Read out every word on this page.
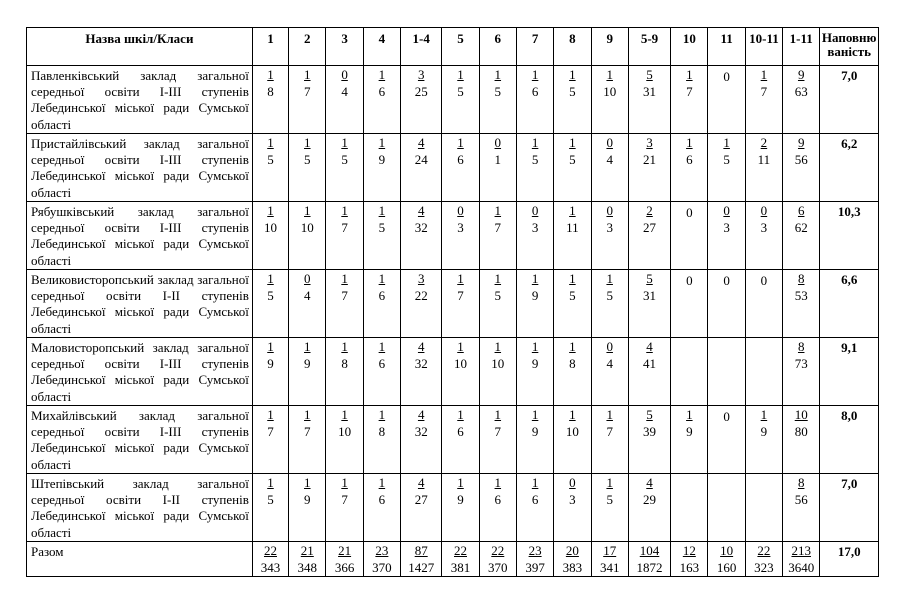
Назва шкіл/Класи	1	2	3	4	1-4	5	6	7	8	9	5-9	10	11	10-11	1-11	Наповню
ваність
Павленківський заклад загальної середньої освіти І-ІІІ ступенів Лебединської міської ради Сумської області	$\frac{1}{8}$	$\frac{1}{7}$	$\frac{0}{4}$	$\frac{1}{6}$	$\frac{3}{25}$	$\frac{1}{5}$	$\frac{1}{5}$	$\frac{1}{6}$	$\frac{1}{5}$	$\frac{1}{10}$	$\frac{5}{31}$	$\frac{1}{7}$	0	$\frac{1}{7}$	$\frac{9}{63}$	7,0
Пристайлівський заклад загальної середньої освіти І-ІІІ ступенів Лебединської міської ради Сумської області	$\frac{1}{5}$	$\frac{1}{5}$	$\frac{1}{5}$	$\frac{1}{9}$	$\frac{4}{24}$	$\frac{1}{6}$	$\frac{0}{1}$	$\frac{1}{5}$	$\frac{1}{5}$	$\frac{0}{4}$	$\frac{3}{21}$	$\frac{1}{6}$	$\frac{1}{5}$	$\frac{2}{11}$	$\frac{9}{56}$	6,2
Рябушківський заклад загальної середньої освіти І-ІІІ ступенів Лебединської міської ради Сумської області	$\frac{1}{10}$	$\frac{1}{10}$	$\frac{1}{7}$	$\frac{1}{5}$	$\frac{4}{32}$	$\frac{0}{3}$	$\frac{1}{7}$	$\frac{0}{3}$	$\frac{1}{11}$	$\frac{0}{3}$	$\frac{2}{27}$	0	$\frac{0}{3}$	$\frac{0}{3}$	$\frac{6}{62}$	10,3
Великовисторопський заклад загальної середньої освіти І-ІІ ступенів Лебединської міської ради Сумської області	$\frac{1}{5}$	$\frac{0}{4}$	$\frac{1}{7}$	$\frac{1}{6}$	$\frac{3}{22}$	$\frac{1}{7}$	$\frac{1}{5}$	$\frac{1}{9}$	$\frac{1}{5}$	$\frac{1}{5}$	$\frac{5}{31}$	0	0	0	$\frac{8}{53}$	6,6
Маловисторопський заклад загальної середньої освіти І-ІІІ ступенів Лебединської міської ради Сумської області	$\frac{1}{9}$	$\frac{1}{9}$	$\frac{1}{8}$	$\frac{1}{6}$	$\frac{4}{32}$	$\frac{1}{10}$	$\frac{1}{10}$	$\frac{1}{9}$	$\frac{1}{8}$	$\frac{0}{4}$	$\frac{4}{41}$				$\frac{8}{73}$	9,1
Михайлівський заклад загальної середньої освіти І-ІІІ ступенів Лебединської міської ради Сумської області	$\frac{1}{7}$	$\frac{1}{7}$	$\frac{1}{10}$	$\frac{1}{8}$	$\frac{4}{32}$	$\frac{1}{6}$	$\frac{1}{7}$	$\frac{1}{9}$	$\frac{1}{10}$	$\frac{1}{7}$	$\frac{5}{39}$	$\frac{1}{9}$	0	$\frac{1}{9}$	$\frac{10}{80}$	8,0
Штепівський заклад загальної середньої освіти І-ІІ ступенів Лебединської міської ради Сумської області	$\frac{1}{5}$	$\frac{1}{9}$	$\frac{1}{7}$	$\frac{1}{6}$	$\frac{4}{27}$	$\frac{1}{9}$	$\frac{1}{6}$	$\frac{1}{6}$	$\frac{0}{3}$	$\frac{1}{5}$	$\frac{4}{29}$				$\frac{8}{56}$	7,0
Разом	$\frac{22}{343}$	$\frac{21}{348}$	$\frac{21}{366}$	$\frac{23}{370}$	$\frac{87}{1427}$	$\frac{22}{381}$	$\frac{22}{370}$	$\frac{23}{397}$	$\frac{20}{383}$	$\frac{17}{341}$	$\frac{104}{1872}$	$\frac{12}{163}$	$\frac{10}{160}$	$\frac{22}{323}$	$\frac{213}{3640}$	17,0
